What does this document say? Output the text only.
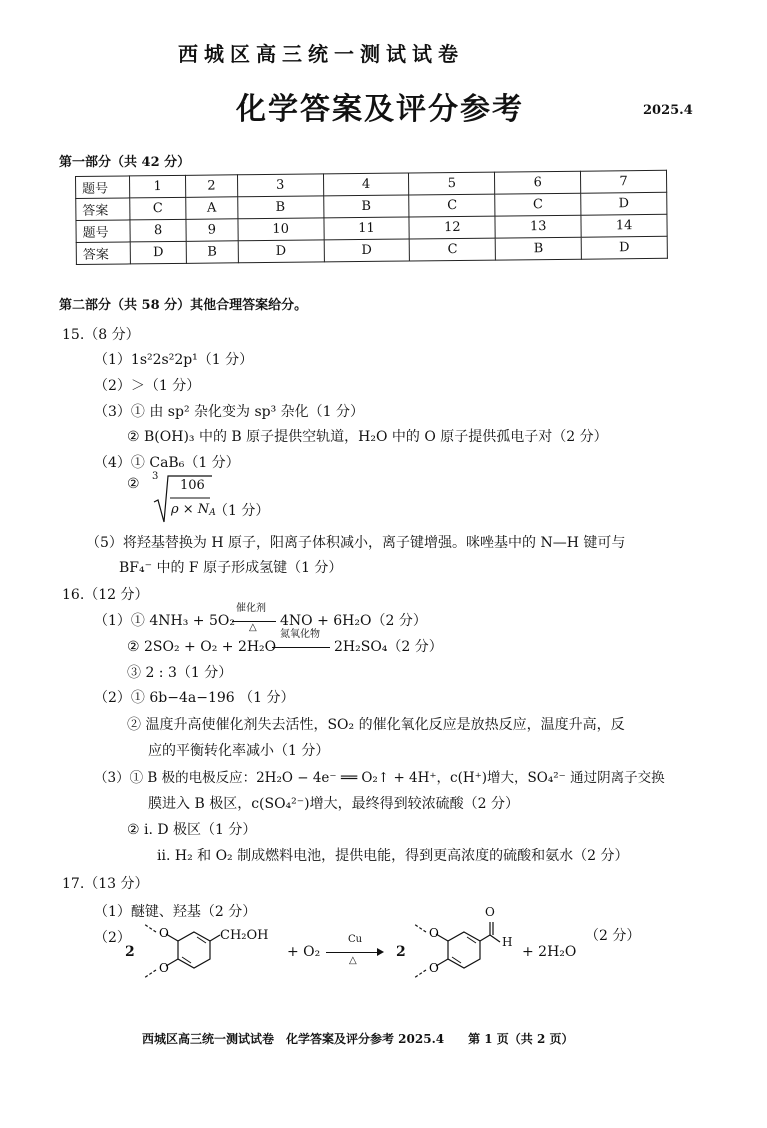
西城区高三统一测试试卷
化学答案及评分参考	2025.4
第一部分（共 42 分）
题号	1	2	3	4	5	6	7
答案	C	A	B	B	C	C	D
题号	8	9	10	11	12	13	14
答案	D	B	D	D	C	B	D
第二部分（共 58 分）其他合理答案给分。
15.（8 分）
（1）1s²2s²2p¹（1 分）
（2）＞（1 分）
（3）① 由 sp² 杂化变为 sp³ 杂化（1 分）
② B(OH)₃ 中的 B 原子提供空轨道，H₂O 中的 O 原子提供孤电子对（2 分）
（4）① CaB₆（1 分）
② 3
106
$\rho \times N_A$
（1 分）
（5）将羟基替换为 H 原子，阳离子体积减小，离子键增强。咪唑基中的 N—H 键可与
BF₄⁻ 中的 F 原子形成氢键（1 分）
16.（12 分）
（1）① 4NH₃ + 5O₂
催化剂
△ 4NO + 6H₂O（2 分）
② 2SO₂ + O₂ + 2H₂O
氮氧化物
2H₂SO₄（2 分）
③ 2 : 3（1 分）
（2）① 6b−4a−196 （1 分）
② 温度升高使催化剂失去活性，SO₂ 的催化氧化反应是放热反应，温度升高，反
应的平衡转化率减小（1 分）
（3）① B 极的电极反应：2H₂O − 4e⁻ ══ O₂↑ + 4H⁺，c(H⁺)增大，SO₄²⁻ 通过阴离子交换
膜进入 B 极区，c(SO₄²⁻)增大，最终得到较浓硫酸（2 分）
② ⅰ. D 极区（1 分）
ⅱ. H₂ 和 O₂ 制成燃料电池，提供电能，得到更高浓度的硫酸和氨水（2 分）
17.（13 分）
（1）醚键、羟基（2 分）
（2）
2
O
O
CH₂OH
+ O₂
Cu
△
2
O
O
O
H
+ 2H₂O
（2 分）
西城区高三统一测试试卷　化学答案及评分参考 2025.4　　第 1 页（共 2 页）
